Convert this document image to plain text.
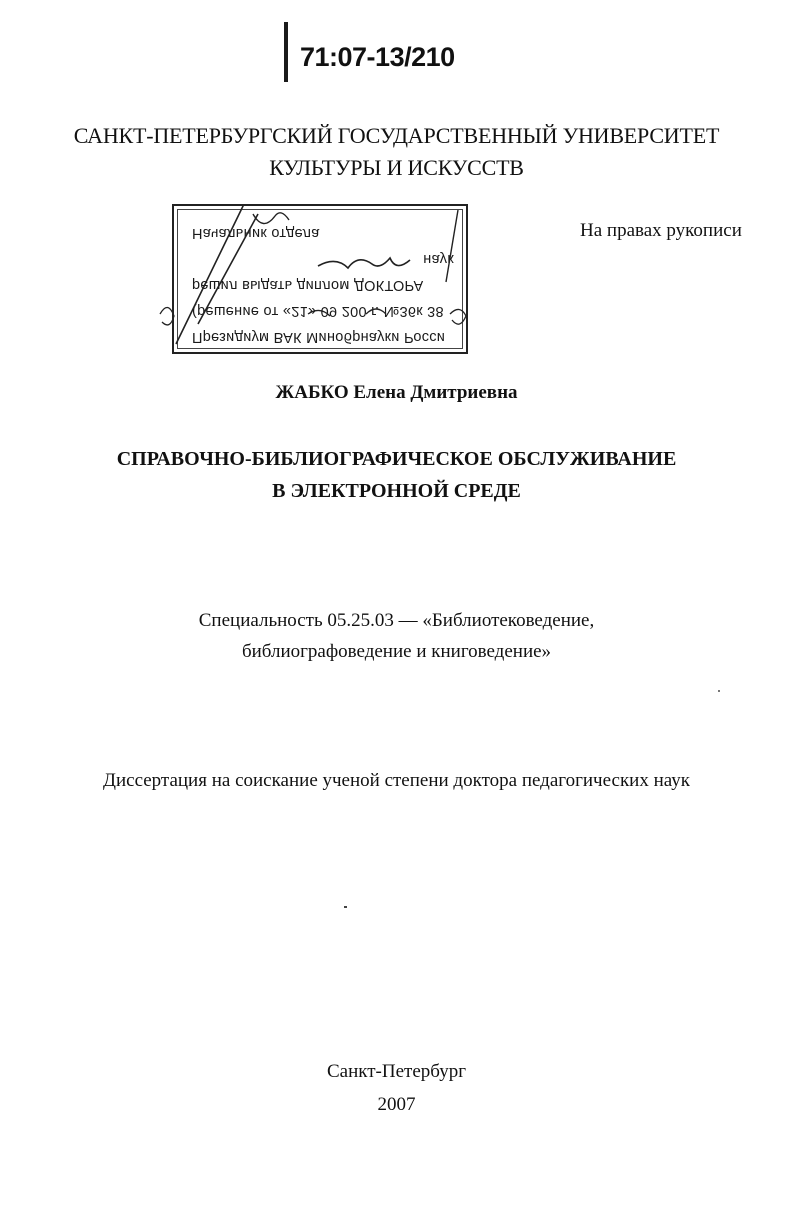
71:07-13/210
САНКТ-ПЕТЕРБУРГСКИЙ ГОСУДАРСТВЕННЫЙ УНИВЕРСИТЕТ
КУЛЬТУРЫ И ИСКУССТВ
Президиум ВАК Минобрнауки Росси
(решение от «21» 09 200 г. №36к 38
решил выдать диплом ДОКТОРА
наук
Начальник отдела	На правах рукописи
ЖАБКО Елена Дмитриевна
СПРАВОЧНО-БИБЛИОГРАФИЧЕСКОЕ ОБСЛУЖИВАНИЕ
В ЭЛЕКТРОННОЙ СРЕДЕ
Специальность 05.25.03 — «Библиотековедение,
библиографоведение и книговедение»
Диссертация на соискание ученой степени доктора педагогических наук
Санкт-Петербург
2007
